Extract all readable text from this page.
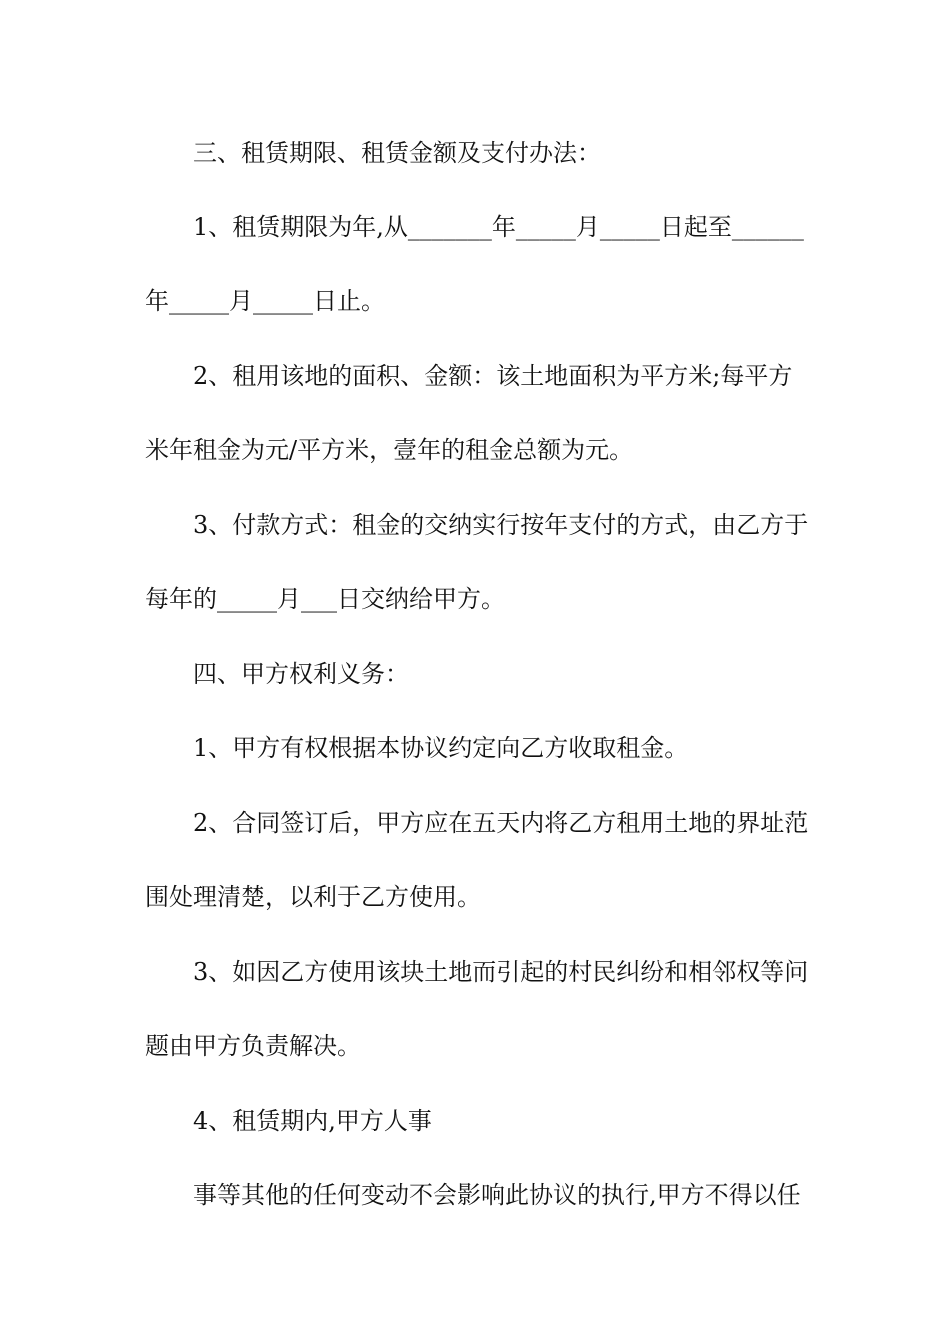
三、租赁期限、租赁金额及支付办法：
1、租赁期限为年,从_______年_____月_____日起至______
年_____月_____日止。
2、租用该地的面积、金额：该土地面积为平方米;每平方
米年租金为元/平方米，壹年的租金总额为元。
3、付款方式：租金的交纳实行按年支付的方式，由乙方于
每年的_____月___日交纳给甲方。
四、甲方权利义务：
1、甲方有权根据本协议约定向乙方收取租金。
2、合同签订后，甲方应在五天内将乙方租用土地的界址范
围处理清楚，以利于乙方使用。
3、如因乙方使用该块土地而引起的村民纠纷和相邻权等问
题由甲方负责解决。
4、租赁期内,甲方人事
事等其他的任何变动不会影响此协议的执行,甲方不得以任
